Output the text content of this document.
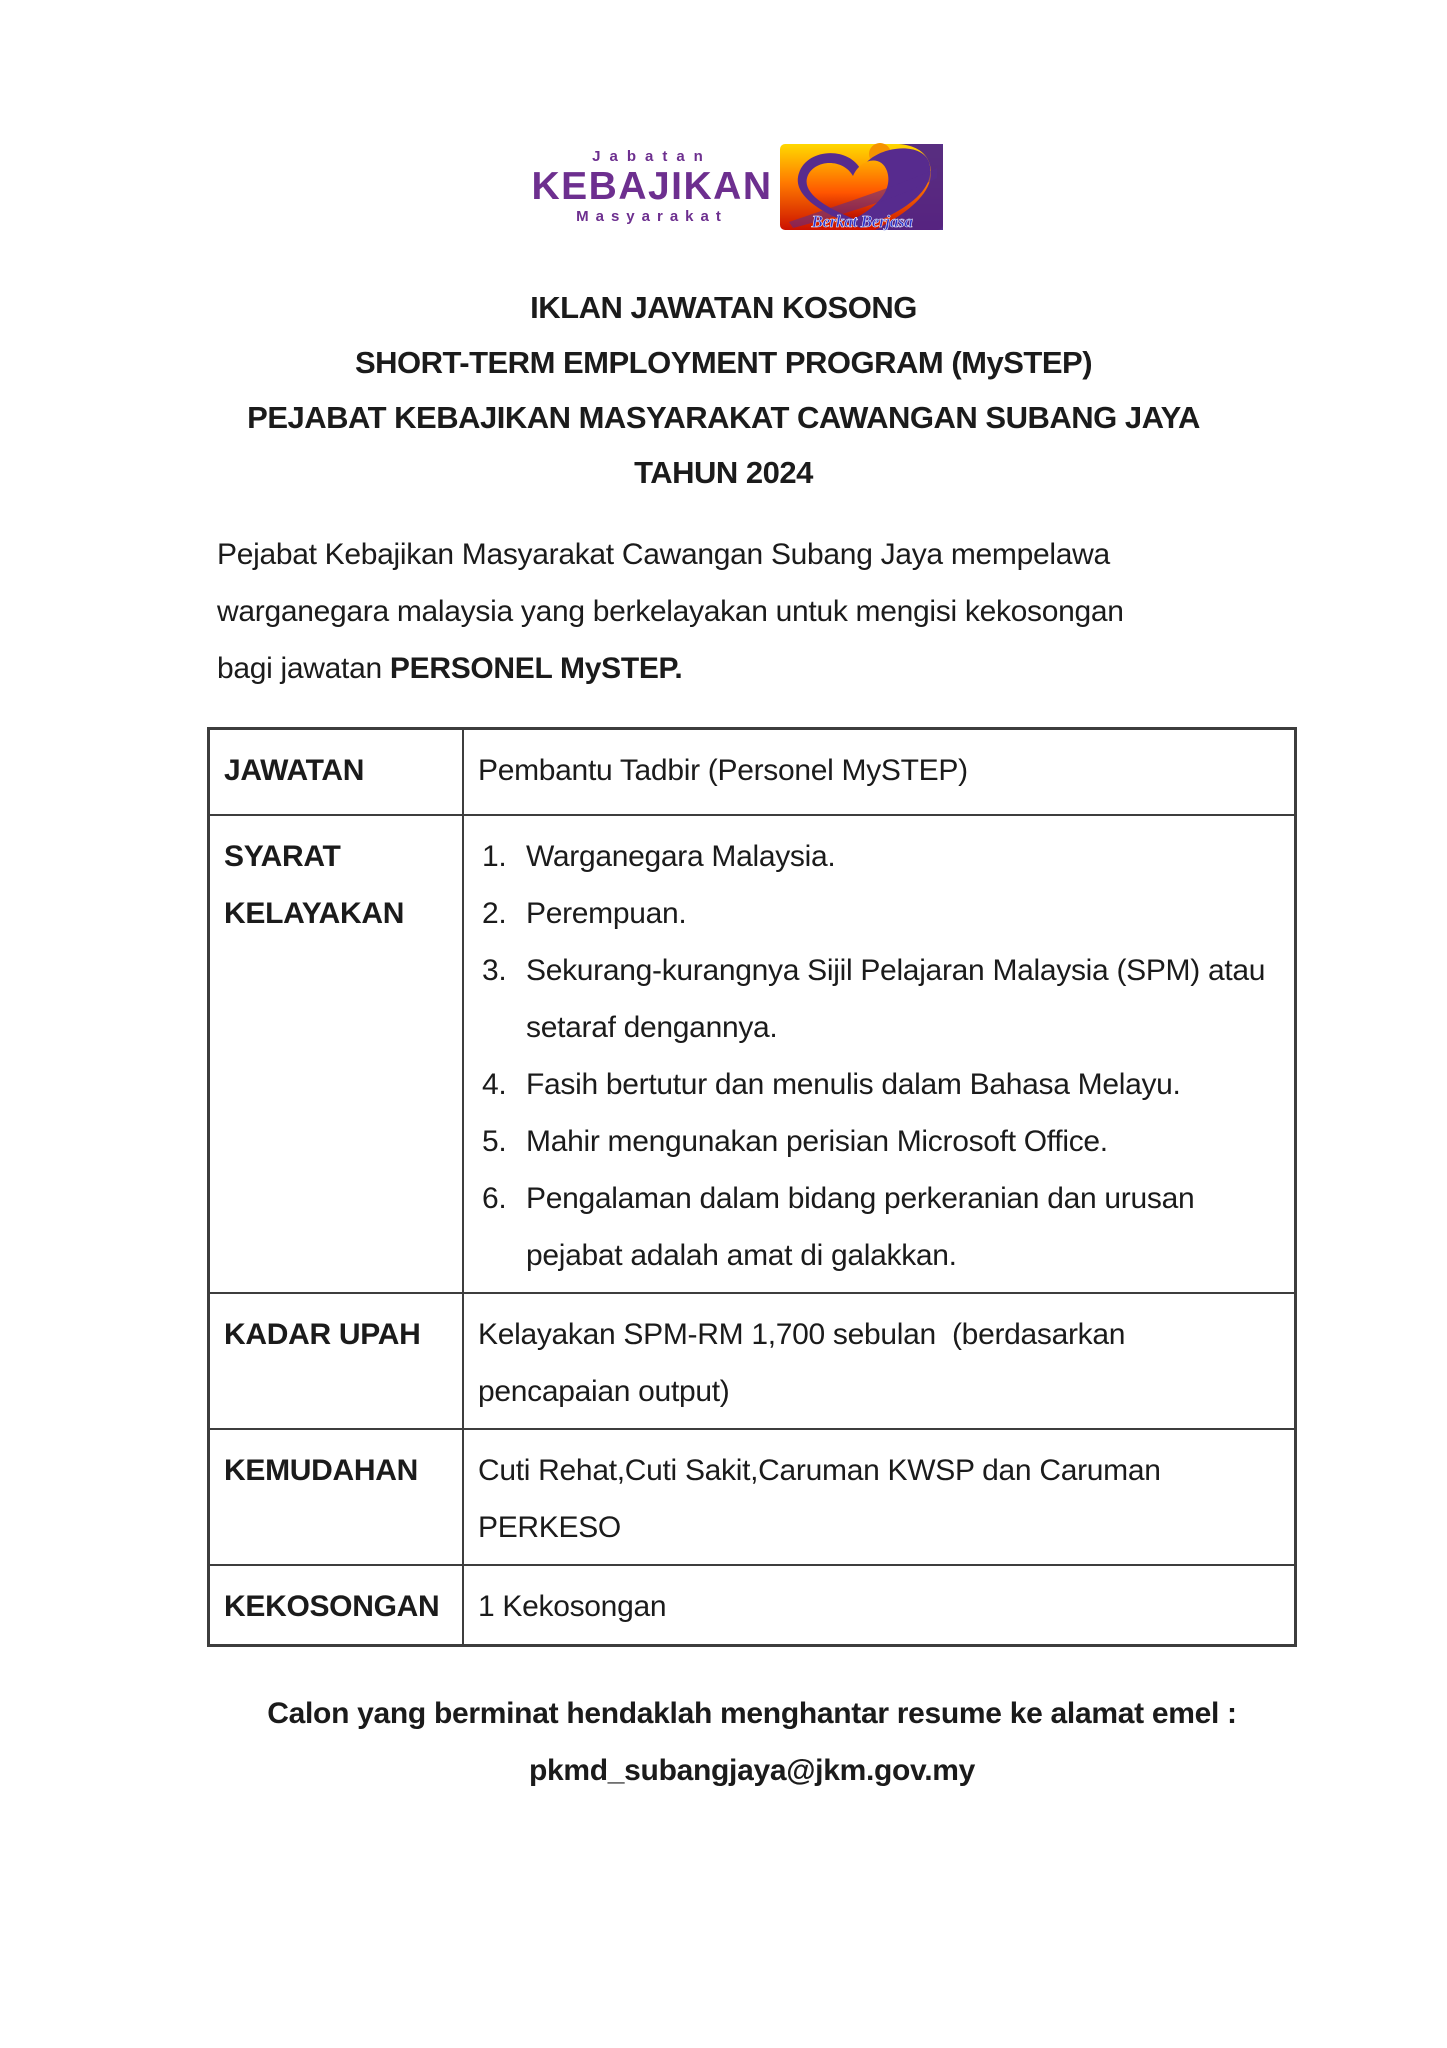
Jabatan
KEBAJIKAN
Masyarakat	Berkat Berjasa
IKLAN JAWATAN KOSONG
SHORT-TERM EMPLOYMENT PROGRAM (MySTEP)
PEJABAT KEBAJIKAN MASYARAKAT CAWANGAN SUBANG JAYA
TAHUN 2024
Pejabat Kebajikan Masyarakat Cawangan Subang Jaya mempelawa
warganegara malaysia yang berkelayakan untuk mengisi kekosongan
bagi jawatan PERSONEL MySTEP.
JAWATAN	Pembantu Tadbir (Personel MySTEP)

SYARAT KELAYAKAN	
Warganegara Malaysia.
Perempuan.
Sekurang-kurangnya Sijil Pelajaran Malaysia (SPM) atau setaraf dengannya.
Fasih bertutur dan menulis dalam Bahasa Melayu.
Mahir mengunakan perisian Microsoft Office.
Pengalaman dalam bidang perkeranian dan urusan pejabat adalah amat di galakkan.

KADAR UPAH	Kelayakan SPM-RM 1,700 sebulan  (berdasarkan
pencapaian output)

KEMUDAHAN	Cuti Rehat,Cuti Sakit,Caruman KWSP dan Caruman PERKESO

KEKOSONGAN	1 Kekosongan
Calon yang berminat hendaklah menghantar resume ke alamat emel :
pkmd_subangjaya@jkm.gov.my
